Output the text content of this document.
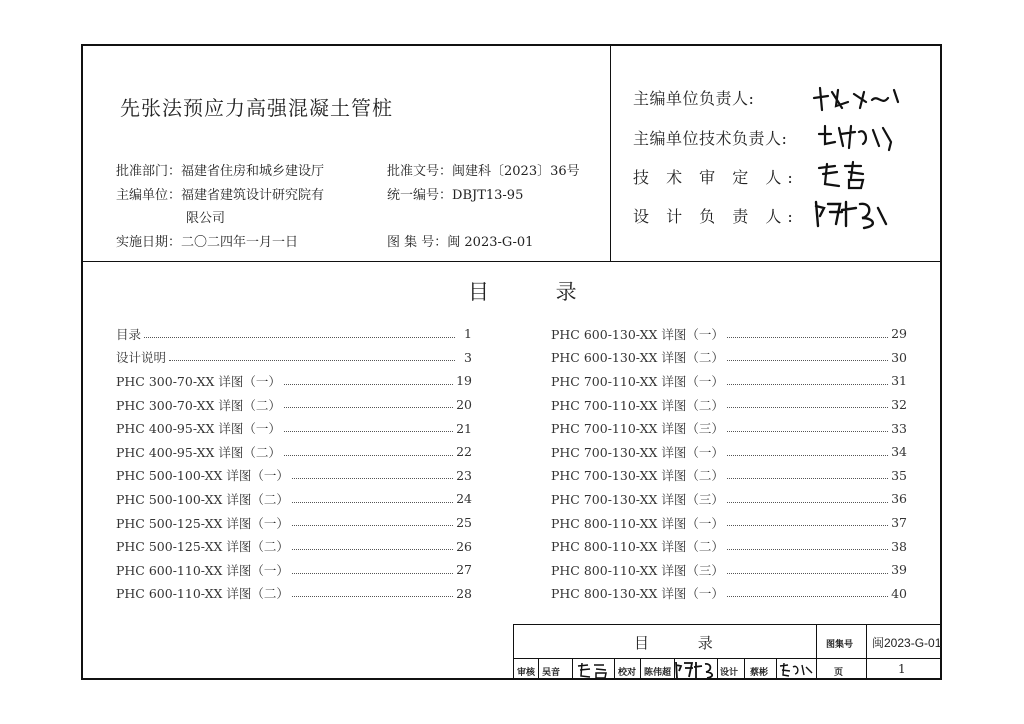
先张法预应力高强混凝土管桩
批准部门：福建省住房和城乡建设厅
主编单位：福建省建筑设计研究院有
限公司
实施日期：二〇二四年一月一日
批准文号：闽建科〔2023〕36号
统一编号：DBJT13-95
图 集 号：闽 2023-G-01
主编单位负责人:
主编单位技术负责人:
技 术 审 定 人:
设 计 负 责 人:
目 录
目录	1
设计说明	3
PHC 300-70-XX 详图（一）	19
PHC 300-70-XX 详图（二）	20
PHC 400-95-XX 详图（一）	21
PHC 400-95-XX 详图（二）	22
PHC 500-100-XX 详图（一）	23
PHC 500-100-XX 详图（二）	24
PHC 500-125-XX 详图（一）	25
PHC 500-125-XX 详图（二）	26
PHC 600-110-XX 详图（一）	27
PHC 600-110-XX 详图（二）	28
PHC 600-130-XX 详图（一）	29
PHC 600-130-XX 详图（二）	30
PHC 700-110-XX 详图（一）	31
PHC 700-110-XX 详图（二）	32
PHC 700-110-XX 详图（三）	33
PHC 700-130-XX 详图（一）	34
PHC 700-130-XX 详图（二）	35
PHC 700-130-XX 详图（三）	36
PHC 800-110-XX 详图（一）	37
PHC 800-110-XX 详图（二）	38
PHC 800-110-XX 详图（三）	39
PHC 800-130-XX 详图（一）	40
目 录	图集号 闽2023-G-01
审核 吴音	校对 陈伟超	设计 蔡彬	页	1
